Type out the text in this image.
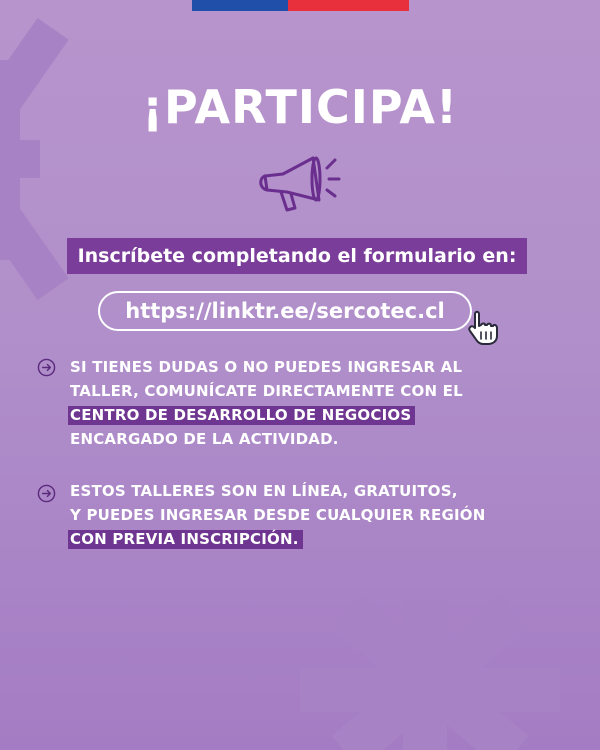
¡PARTICIPA!
Inscríbete completando el formulario en:
https://linktr.ee/sercotec.cl
SI TIENES DUDAS O NO PUEDES INGRESAR AL
TALLER, COMUNÍCATE DIRECTAMENTE CON EL
CENTRO DE DESARROLLO DE NEGOCIOS
ENCARGADO DE LA ACTIVIDAD.
ESTOS TALLERES SON EN LÍNEA, GRATUITOS,
Y PUEDES INGRESAR DESDE CUALQUIER REGIÓN
CON PREVIA INSCRIPCIÓN.
